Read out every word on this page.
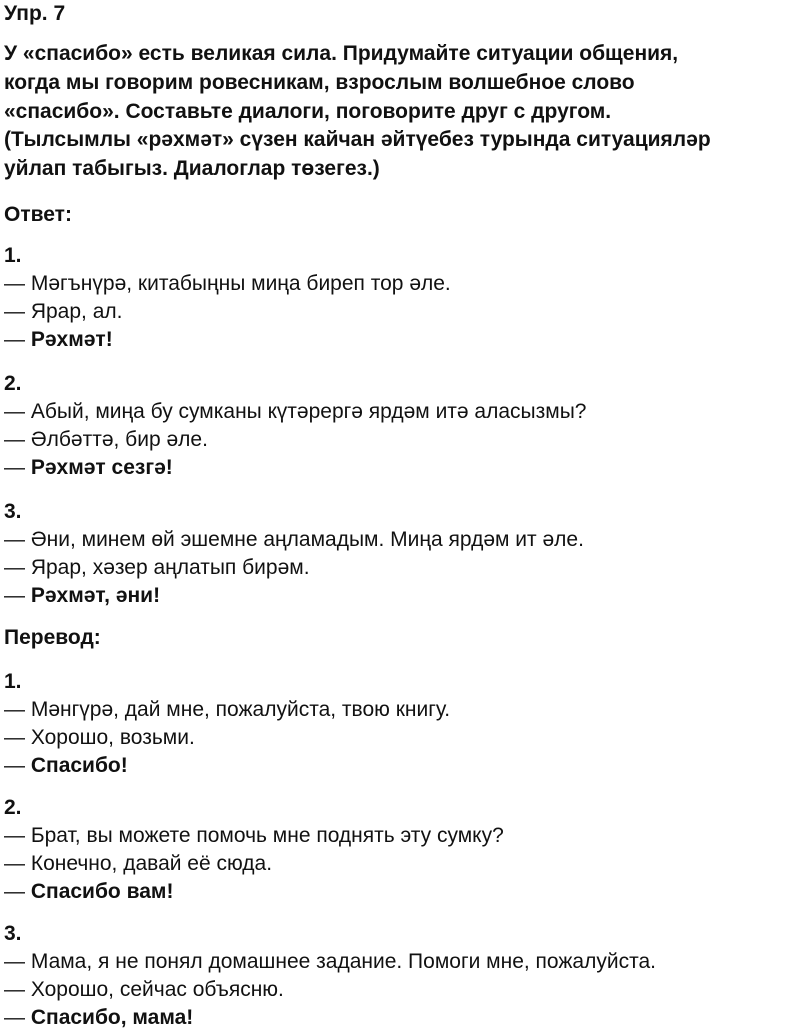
Упр. 7
У «спасибо» есть великая сила. Придумайте ситуации общения,
когда мы говорим ровесникам, взрослым волшебное слово
«спасибо». Составьте диалоги, поговорите друг с другом.
(Тылсымлы «рәхмәт» сүзен кайчан әйтүебез турында ситуацияләр
уйлап табыгыз. Диалоглар төзегез.)
Ответ:
1.
— Мәгънүрә, китабыңны миңа биреп тор әле.
— Ярар, ал.
— Рәхмәт!
2.
— Абый, миңа бу сумканы күтәрергә ярдәм итә аласызмы?
— Әлбәттә, бир әле.
— Рәхмәт сезгә!
3.
— Әни, минем өй эшемне аңламадым. Миңа ярдәм ит әле.
— Ярар, хәзер аңлатып бирәм.
— Рәхмәт, әни!
Перевод:
1.
— Мәнгүрә, дай мне, пожалуйста, твою книгу.
— Хорошо, возьми.
— Спасибо!
2.
— Брат, вы можете помочь мне поднять эту сумку?
— Конечно, давай её сюда.
— Спасибо вам!
3.
— Мама, я не понял домашнее задание. Помоги мне, пожалуйста.
— Хорошо, сейчас объясню.
— Спасибо, мама!
